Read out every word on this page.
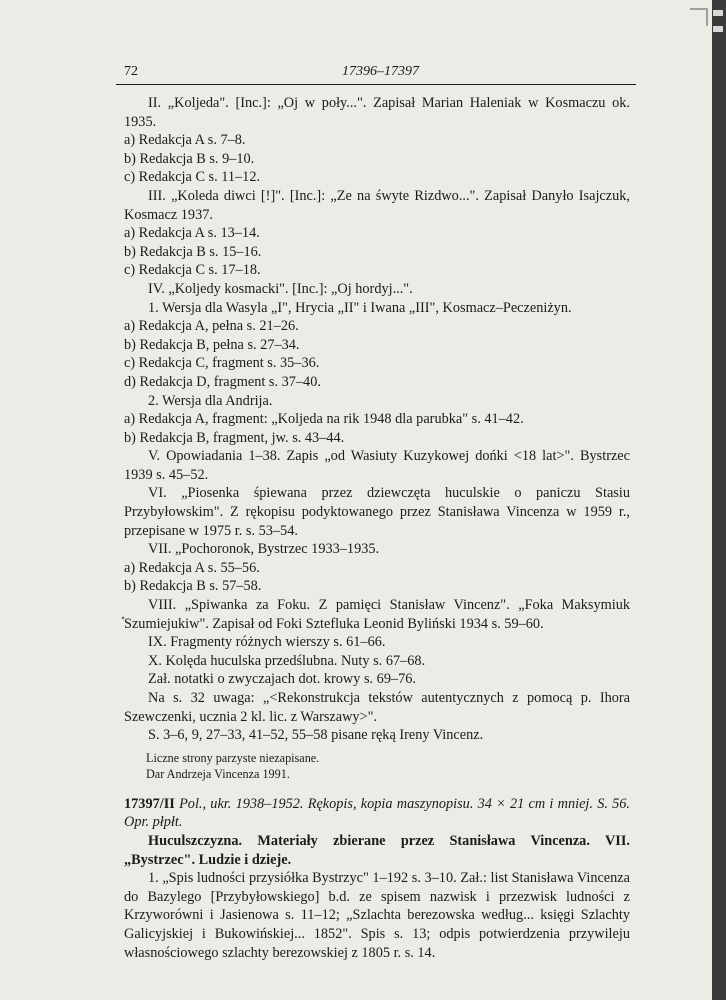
72	17396–17397

II. „Koljeda". [Inc.]: „Oj w poły...". Zapisał Marian Haleniak w Kosmaczu ok. 1935.

a) Redakcja A s. 7–8.

b) Redakcja B s. 9–10.

c) Redakcja C s. 11–12.

III. „Koleda diwci [!]". [Inc.]: „Ze na śwyte Rizdwo...". Zapisał Danyło Isajczuk, Kosmacz 1937.

a) Redakcja A s. 13–14.

b) Redakcja B s. 15–16.

c) Redakcja C s. 17–18.

IV. „Koljedy kosmacki". [Inc.]: „Oj hordyj...".

1. Wersja dla Wasyla „I", Hrycia „II" i Iwana „III", Kosmacz–Peczeniżyn.

a) Redakcja A, pełna s. 21–26.

b) Redakcja B, pełna s. 27–34.

c) Redakcja C, fragment s. 35–36.

d) Redakcja D, fragment s. 37–40.

2. Wersja dla Andrija.

a) Redakcja A, fragment: „Koljeda na rik 1948 dla parubka" s. 41–42.

b) Redakcja B, fragment, jw. s. 43–44.

V. Opowiadania 1–38. Zapis „od Wasiuty Kuzykowej dońki <18 lat>". Bystrzec 1939 s. 45–52.

VI. „Piosenka śpiewana przez dziewczęta huculskie o paniczu Stasiu Przybyłowskim". Z rękopisu podyktowanego przez Stanisława Vincenza w 1959 r., przepisane w 1975 r. s. 53–54.

VII. „Pochoronok, Bystrzec 1933–1935.

a) Redakcja A s. 55–56.

b) Redakcja B s. 57–58.

VIII. „Spiwanka za Foku. Z pamięci Stanisław Vincenz". „Foka Maksymiuk Szumiejukiw". Zapisał od Foki Sztefluka Leonid Byliński 1934 s. 59–60.

IX. Fragmenty różnych wierszy s. 61–66.

X. Kolęda huculska przedślubna. Nuty s. 67–68.

Zał. notatki o zwyczajach dot. krowy s. 69–76.

Na s. 32 uwaga: „<Rekonstrukcja tekstów autentycznych z pomocą p. Ihora Szewczenki, ucznia 2 kl. lic. z Warszawy>".

S. 3–6, 9, 27–33, 41–52, 55–58 pisane ręką Ireny Vincenz.

Liczne strony parzyste niezapisane.

Dar Andrzeja Vincenza 1991.

17397/II Pol., ukr. 1938–1952. Rękopis, kopia maszynopisu. 34 × 21 cm i mniej. S. 56. Opr. płpłt.

Huculszczyzna. Materiały zbierane przez Stanisława Vincenza. VII. „Bystrzec". Ludzie i dzieje.

1. „Spis ludności przysiółka Bystrzyc" 1–192 s. 3–10. Zał.: list Stanisława Vincenza do Bazylego [Przybyłowskiego] b.d. ze spisem nazwisk i przezwisk ludności z Krzyworówni i Jasienowa s. 11–12; „Szlachta berezowska według... księgi Szlachty Galicyjskiej i Bukowińskiej... 1852". Spis s. 13; odpis potwierdzenia przywileju własnościowego szlachty berezowskiej z 1805 r. s. 14.

•
